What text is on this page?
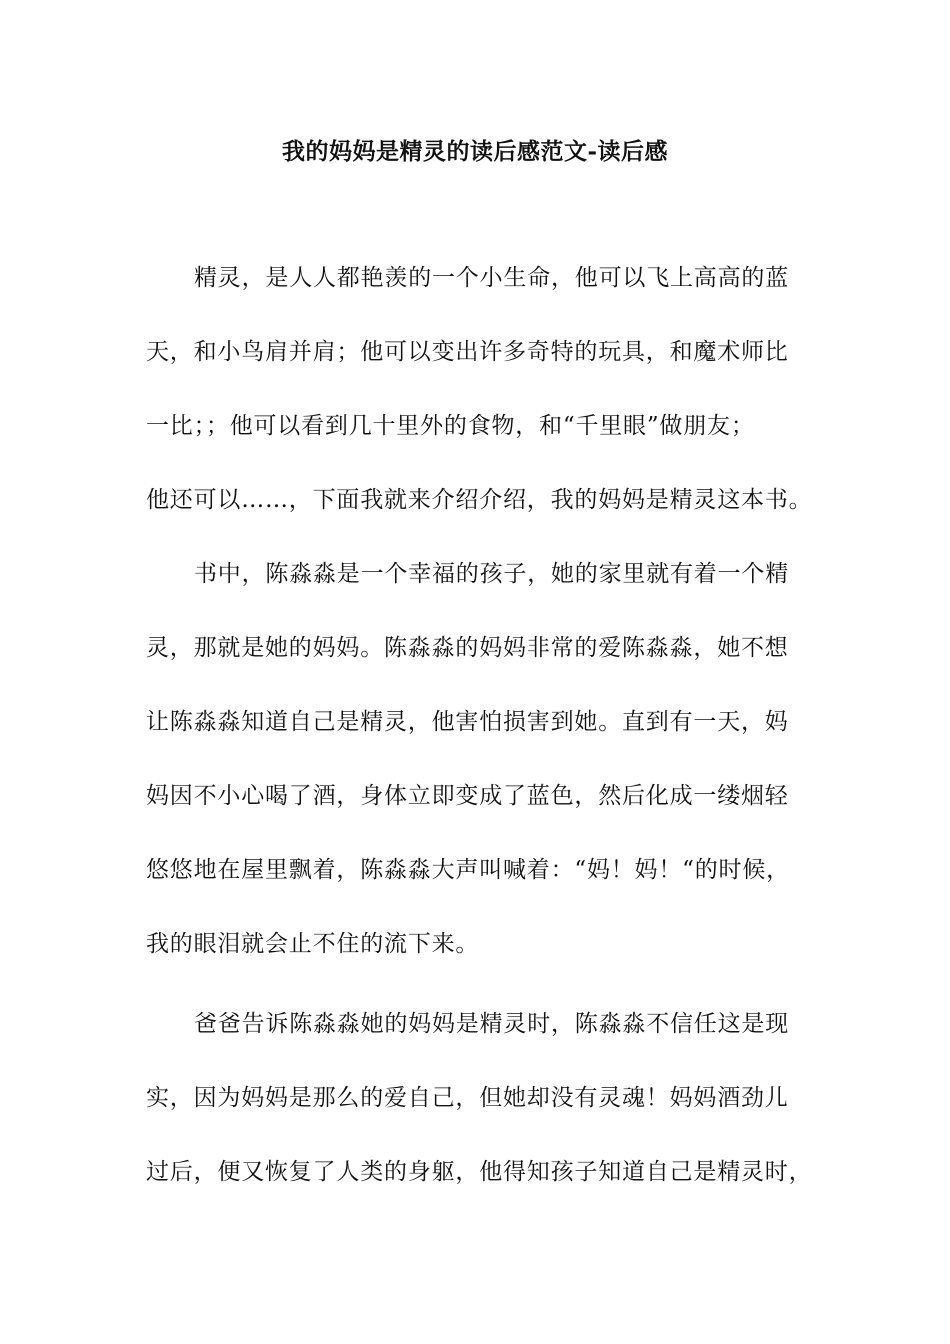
我的妈妈是精灵的读后感范文-读后感
精灵，是人人都艳羡的一个小生命，他可以飞上高高的蓝
天，和小鸟肩并肩；他可以变出许多奇特的玩具，和魔术师比
一比；；他可以看到几十里外的食物，和“千里眼”做朋友；
他还可以……，下面我就来介绍介绍，我的妈妈是精灵这本书。
书中，陈淼淼是一个幸福的孩子，她的家里就有着一个精
灵，那就是她的妈妈。陈淼淼的妈妈非常的爱陈淼淼，她不想
让陈淼淼知道自己是精灵，他害怕损害到她。直到有一天，妈
妈因不小心喝了酒，身体立即变成了蓝色，然后化成一缕烟轻
悠悠地在屋里飘着，陈淼淼大声叫喊着：“妈！妈！“的时候，
我的眼泪就会止不住的流下来。
爸爸告诉陈淼淼她的妈妈是精灵时，陈淼淼不信任这是现
实，因为妈妈是那么的爱自己，但她却没有灵魂！妈妈酒劲儿
过后，便又恢复了人类的身躯，他得知孩子知道自己是精灵时，
